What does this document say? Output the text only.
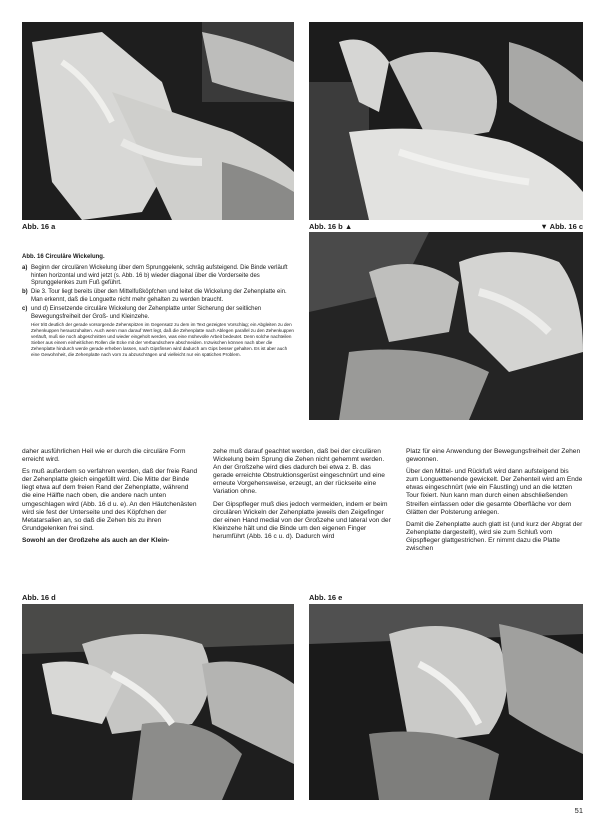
Abb. 16 a	Abb. 16 b ▲	▼ Abb. 16 c
Abb. 16 d	Abb. 16 e
Abb. 16 Circuläre Wickelung.
a) Beginn der circulären Wickelung über dem Sprunggelenk, schräg aufsteigend. Die Binde verläuft hinten horizontal und wird jetzt (s. Abb. 16 b) wieder diagonal über die Vorderseite des Sprunggelenkes zum Fuß geführt.
b) Die 3. Tour liegt bereits über den Mittelfußköpfchen und leitet die Wickelung der Zehenplatte ein. Man erkennt, daß die Longuette nicht mehr gehalten zu werden braucht.
c) und d) Einsetzende circuläre Wickelung der Zehenplatte unter Sicherung der seitlichen Bewegungsfreiheit der Groß- und Kleinzehe.
Hier tritt deutlich der gerade vorsorgende Zehenspitzen im Gegensatz zu dem im Text gezeigten Vorschlag; ein Abgleiten zu den Zehenkuppen herauszuhalten. Auch wenn man darauf Wert legt, daß die Zehenplatte nach Ablegen parallel zu den Zehenkuppen verläuft, muß sie noch abgeschnitten und wieder eingeholt werden, was eine mühevolle Arbeit bedeutet. Denn solche nachteilen Sieber aus einem einheitlichen Rollen die Ecke mit der Verbandschere abschneiden. Inzwischen können nach über die Zehenplatte hindurch werde gerade erheben lassen, nach Gipsfinsen wird dadurch am Gips besser gehalten. Es ist aber auch eine Gewohnheit, die Zehenplatte nach vorn zu abzuschrägen und vielleicht nur ein spätiches Problem.

daher ausführlichen Heil wie er durch die circuläre Form erreicht wird.

Es muß außerdem so verfahren werden, daß der freie Rand der Zehenplatte gleich eingefüllt wird. Die Mitte der Binde liegt etwa auf dem freien Rand der Zehenplatte, während die eine Hälfte nach oben, die andere nach unten umgeschlagen wird (Abb. 16 d u. e). An den Häutchenästen wird sie fest der Unterseite und des Köpfchen der Metatarsalien an, so daß die Zehen bis zu ihren Grundgelenken frei sind.

Sowohl an der Großzehe als auch an der Klein-

zehe muß darauf geachtet werden, daß bei der circulären Wickelung beim Sprung die Zehen nicht gehemmt werden. An der Großzehe wird dies dadurch bei etwa z. B. das gerade erreichte Obstruktionsgerüst eingeschnürt und eine erneute Vorgehensweise, erzeugt, an der rückseite eine Variation ohne.

Der Gipspfleger muß dies jedoch vermeiden, indem er beim circulären Wickeln der Zehenplatte jeweils den Zeigefinger der einen Hand medial von der Großzehe und lateral von der Kleinzehe hält und die Binde um den eigenen Finger herumführt (Abb. 16 c u. d). Dadurch wird

Platz für eine Anwendung der Bewegungsfreiheit der Zehen gewonnen.

Über den Mittel- und Rückfuß wird dann aufsteigend bis zum Longuettenende gewickelt. Der Zehenteil wird am Ende etwas eingeschnürt (wie ein Fäustling) und an die letzten Tour fixiert. Nun kann man durch einen abschließenden Streifen einfassen oder die gesamte Oberfläche vor dem Glätten der Polsterung anlegen.

Damit die Zehenplatte auch glatt ist (und kurz der Abgrat der Zehenplatte dargestellt), wird sie zum Schluß vom Gipspfleger glattgestrichen. Er nimmt dazu die Platte zwischen

51
